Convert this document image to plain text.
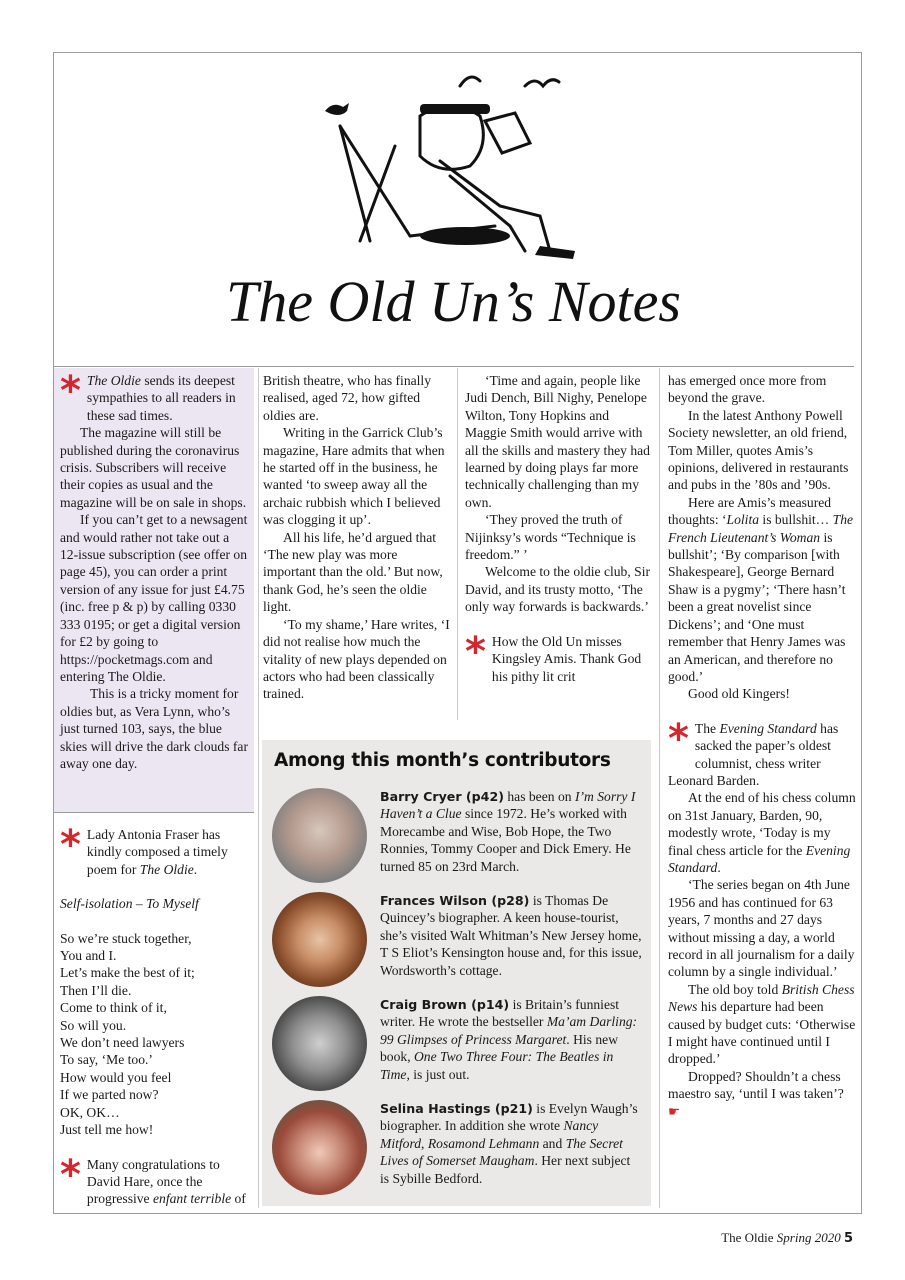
The Old Un’s Notes
* The Oldie sends its deepest sympathies to all readers in these sad times.

The magazine will still be published during the coronavirus crisis. Subscribers will receive their copies as usual and the magazine will be on sale in shops.

If you can’t get to a newsagent and would rather not take out a 12-issue subscription (see offer on page 45), you can order a print version of any issue for just £4.75 (inc. free p & p) by calling 0330 333 0195; or get a digital version for £2 by going to https://pocketmags.com and entering The Oldie.

This is a tricky moment for oldies but, as Vera Lynn, who’s just turned 103, says, the blue skies will drive the dark clouds far away one day.

* Lady Antonia Fraser has kindly composed a timely poem for The Oldie.

Self-isolation – To Myself

So we’re stuck together,
You and I.
Let’s make the best of it;
Then I’ll die.
Come to think of it,
So will you.
We don’t need lawyers
To say, ‘Me too.’
How would you feel
If we parted now?
OK, OK…
Just tell me how!
* Many congratulations to David Hare, once the progressive enfant terrible of

British theatre, who has finally realised, aged 72, how gifted oldies are.

Writing in the Garrick Club’s magazine, Hare admits that when he started off in the business, he wanted ‘to sweep away all the archaic rubbish which I believed was clogging it up’.

All his life, he’d argued that ‘The new play was more important than the old.’ But now, thank God, he’s seen the oldie light.

‘To my shame,’ Hare writes, ‘I did not realise how much the vitality of new plays depended on actors who had been classically trained.

‘Time and again, people like Judi Dench, Bill Nighy, Penelope Wilton, Tony Hopkins and Maggie Smith would arrive with all the skills and mastery they had learned by doing plays far more technically challenging than my own.

‘They proved the truth of Nijinksy’s words “Technique is freedom.” ’

Welcome to the oldie club, Sir David, and its trusty motto, ‘The only way forwards is backwards.’

* How the Old Un misses Kingsley Amis. Thank God his pithy lit crit

has emerged once more from beyond the grave.

In the latest Anthony Powell Society newsletter, an old friend, Tom Miller, quotes Amis’s opinions, delivered in restaurants and pubs in the ’80s and ’90s.

Here are Amis’s measured thoughts: ‘Lolita is bullshit… The French Lieutenant’s Woman is bullshit’; ‘By comparison [with Shakespeare], George Bernard Shaw is a pygmy’; ‘There hasn’t been a great novelist since Dickens’; and ‘One must remember that Henry James was an American, and therefore no good.’

Good old Kingers!

* The Evening Standard has sacked the paper’s oldest columnist, chess writer Leonard Barden.

At the end of his chess column on 31st January, Barden, 90, modestly wrote, ‘Today is my final chess article for the Evening Standard.

‘The series began on 4th June 1956 and has continued for 63 years, 7 months and 27 days without missing a day, a world record in all journalism for a daily column by a single individual.’

The old boy told British Chess News his departure had been caused by budget cuts: ‘Otherwise I might have continued until I dropped.’

Dropped? Shouldn’t a chess maestro say, ‘until I was taken’? ☛

Among this month’s contributors
Barry Cryer (p42) has been on I’m Sorry I Haven’t a Clue since 1972. He’s worked with Morecambe and Wise, Bob Hope, the Two Ronnies, Tommy Cooper and Dick Emery. He turned 85 on 23rd March.
Frances Wilson (p28) is Thomas De Quincey’s biographer. A keen house-tourist, she’s visited Walt Whitman’s New Jersey home, T S Eliot’s Kensington house and, for this issue, Wordsworth’s cottage.
Craig Brown (p14) is Britain’s funniest writer. He wrote the bestseller Ma’am Darling: 99 Glimpses of Princess Margaret. His new book, One Two Three Four: The Beatles in Time, is just out.
Selina Hastings (p21) is Evelyn Waugh’s biographer. In addition she wrote Nancy Mitford, Rosamond Lehmann and The Secret Lives of Somerset Maugham. Her next subject is Sybille Bedford.
The Oldie Spring 2020 5
